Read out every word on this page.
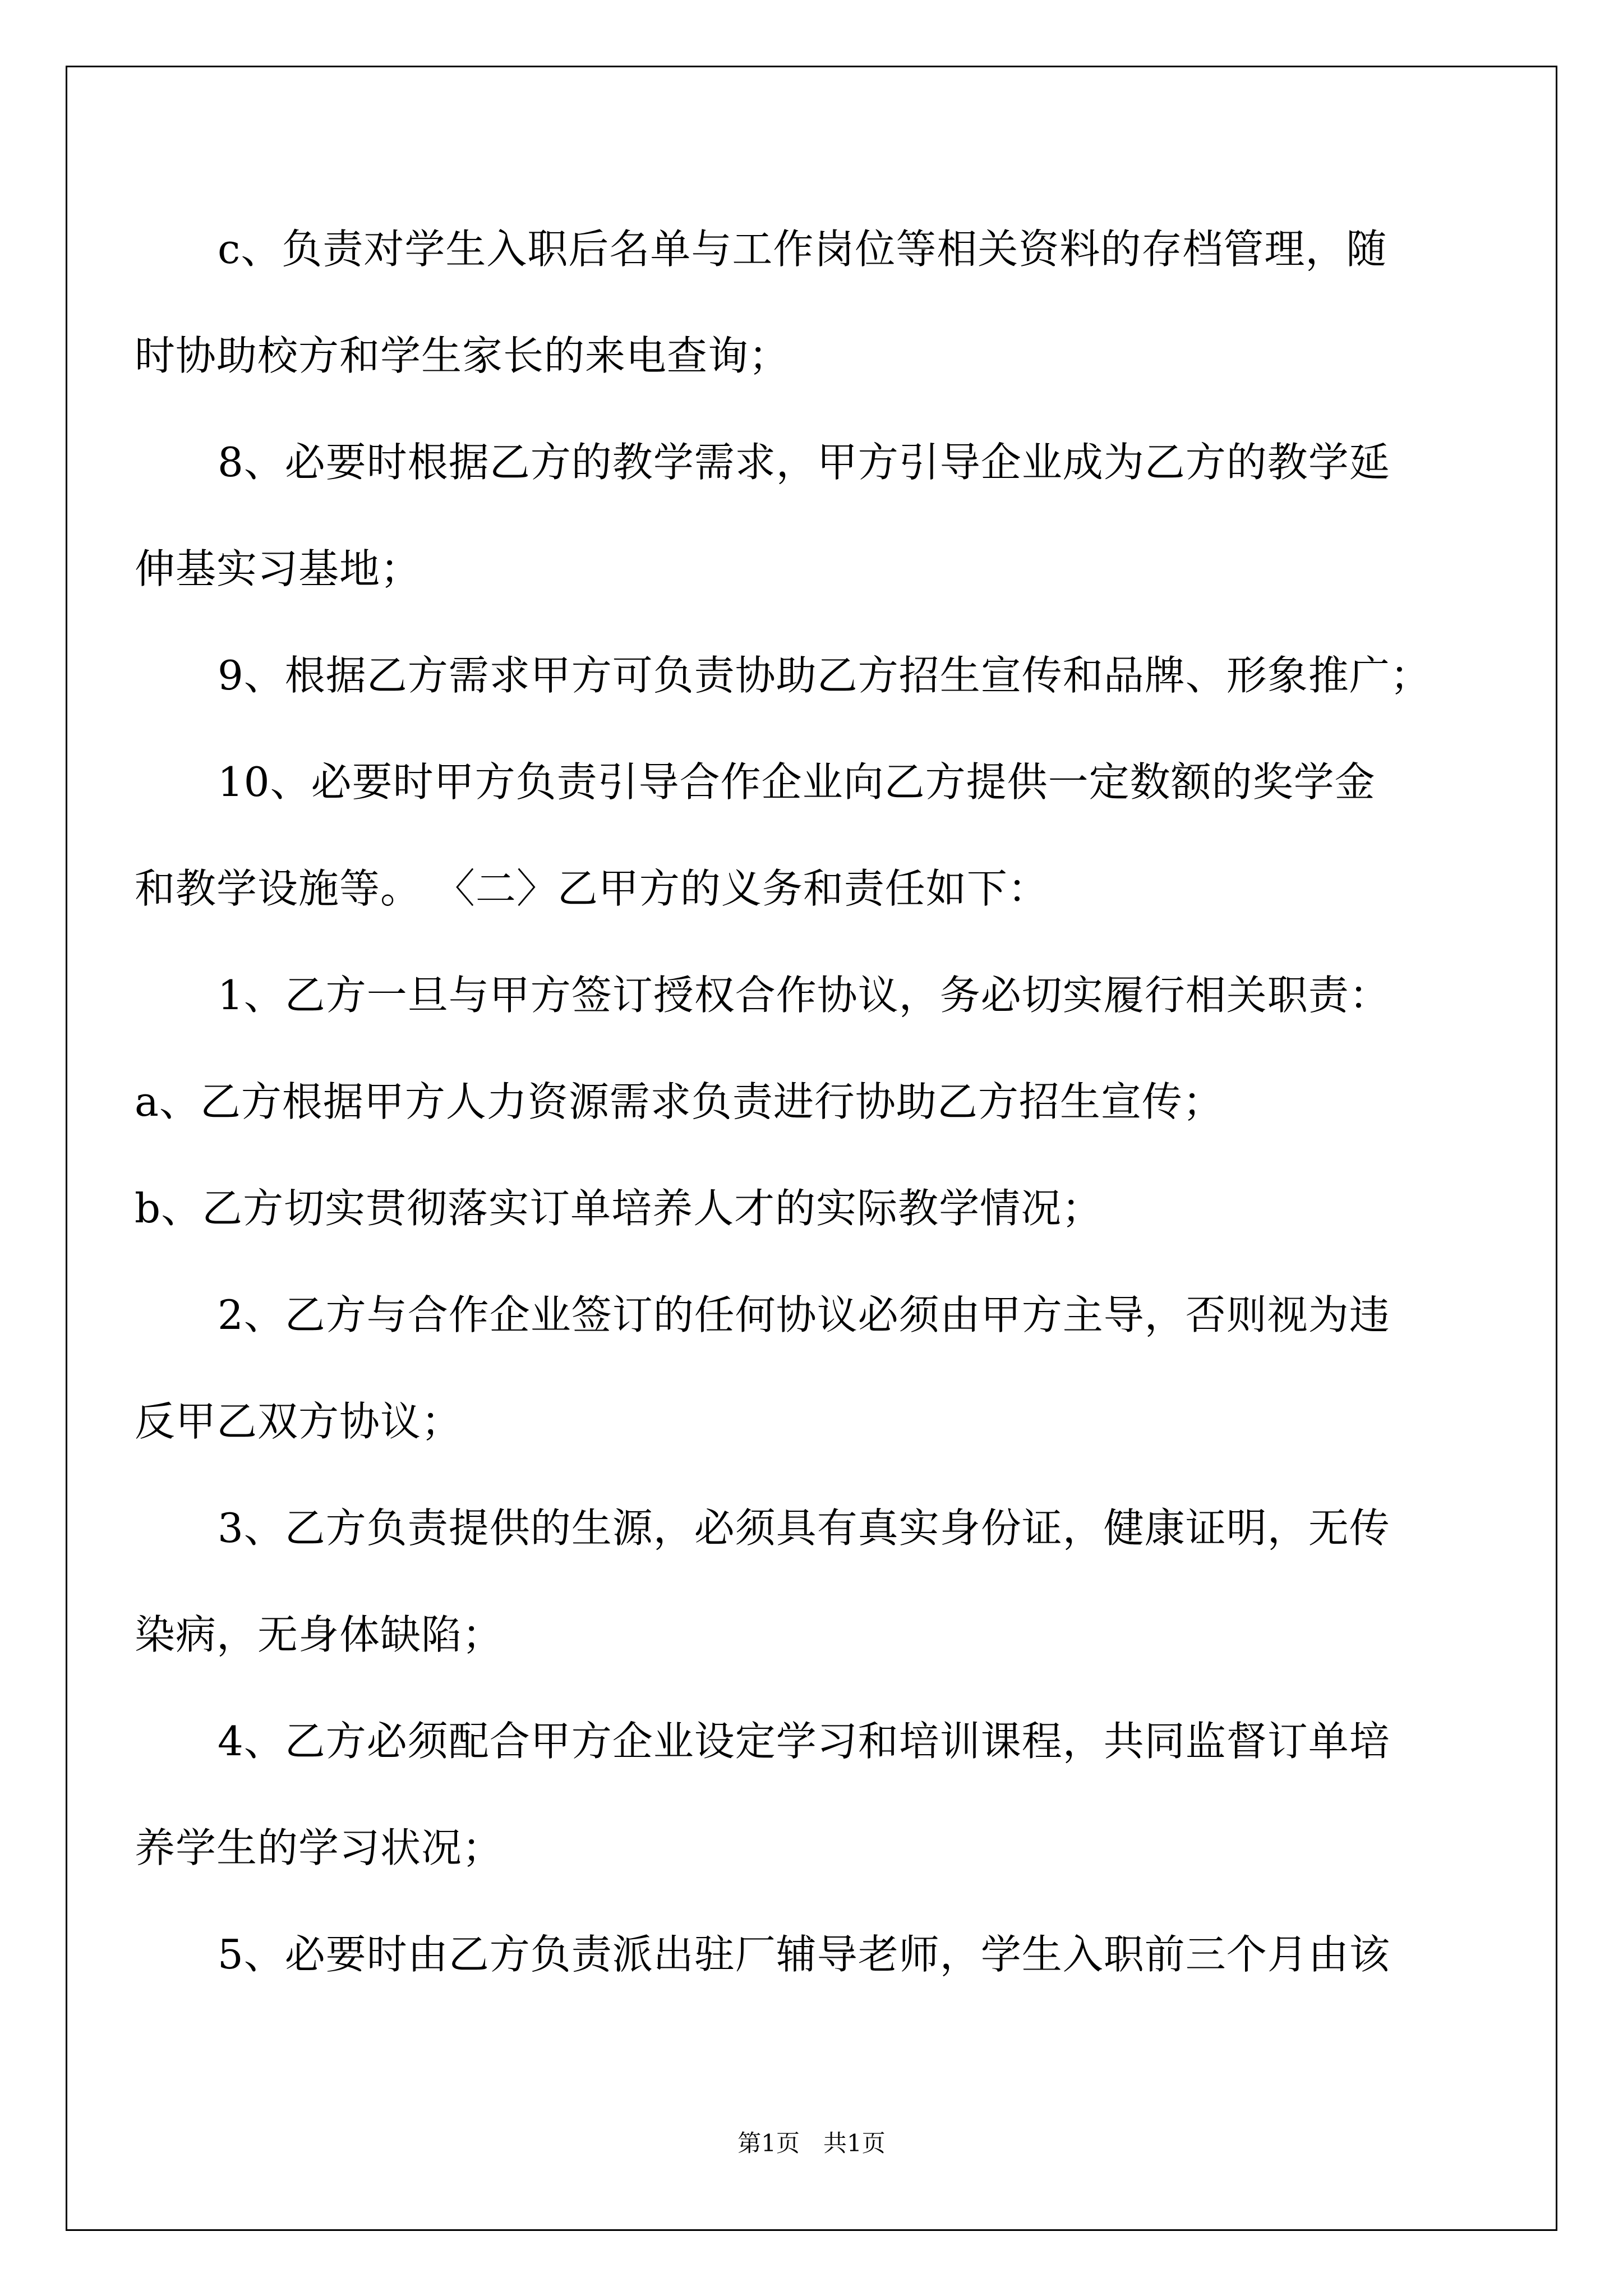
c、负责对学生入职后名单与工作岗位等相关资料的存档管理，随
时协助校方和学生家长的来电查询；
8、必要时根据乙方的教学需求，甲方引导企业成为乙方的教学延
伸基实习基地；
9、根据乙方需求甲方可负责协助乙方招生宣传和品牌、形象推广；
10、必要时甲方负责引导合作企业向乙方提供一定数额的奖学金
和教学设施等。 〈二〉乙甲方的义务和责任如下：
1、乙方一旦与甲方签订授权合作协议，务必切实履行相关职责：
a、乙方根据甲方人力资源需求负责进行协助乙方招生宣传；
b、乙方切实贯彻落实订单培养人才的实际教学情况；
2、乙方与合作企业签订的任何协议必须由甲方主导，否则视为违
反甲乙双方协议；
3、乙方负责提供的生源，必须具有真实身份证，健康证明，无传
染病，无身体缺陷；
4、乙方必须配合甲方企业设定学习和培训课程，共同监督订单培
养学生的学习状况；
5、必要时由乙方负责派出驻厂辅导老师，学生入职前三个月由该
第1页　共1页
